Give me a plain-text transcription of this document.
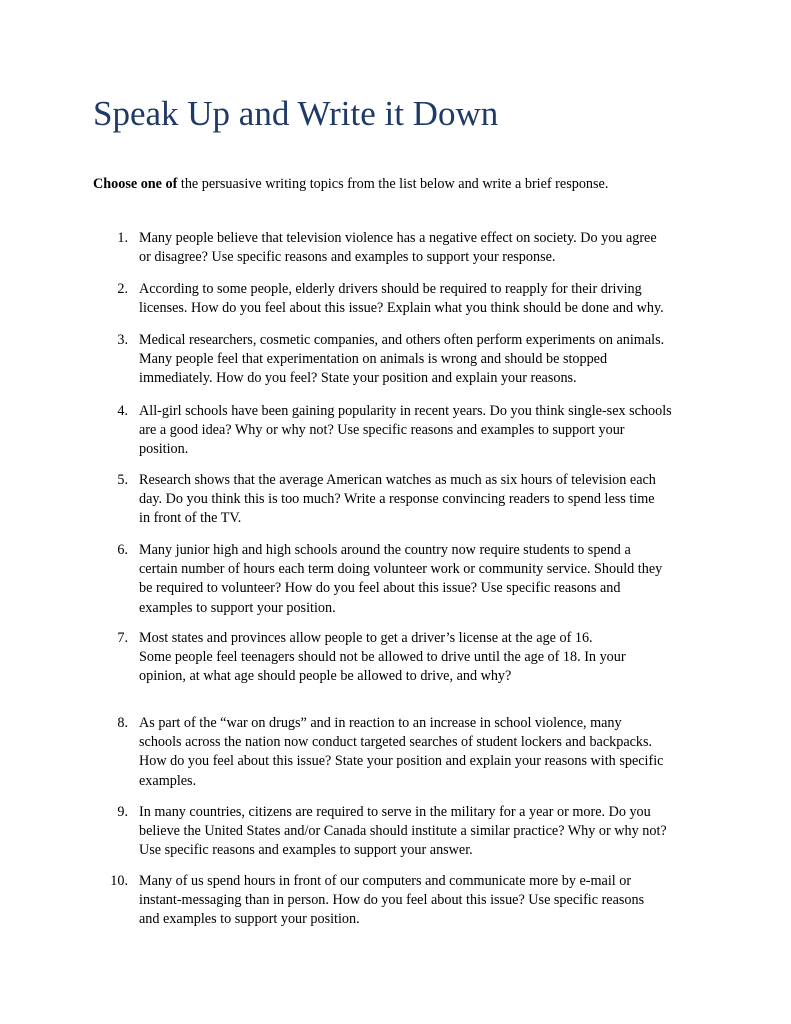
Speak Up and Write it Down

Choose one of the persuasive writing topics from the list below and write a brief response.

1. Many people believe that television violence has a negative effect on society. Do you agree
or disagree? Use specific reasons and examples to support your response.
2. According to some people, elderly drivers should be required to reapply for their driving
licenses. How do you feel about this issue? Explain what you think should be done and why.
3. Medical researchers, cosmetic companies, and others often perform experiments on animals.
Many people feel that experimentation on animals is wrong and should be stopped
immediately. How do you feel? State your position and explain your reasons.
4. All-girl schools have been gaining popularity in recent years. Do you think single-sex schools
are a good idea? Why or why not? Use specific reasons and examples to support your
position.
5. Research shows that the average American watches as much as six hours of television each
day. Do you think this is too much? Write a response convincing readers to spend less time
in front of the TV.
6. Many junior high and high schools around the country now require students to spend a
certain number of hours each term doing volunteer work or community service. Should they
be required to volunteer? How do you feel about this issue? Use specific reasons and
examples to support your position.
7. Most states and provinces allow people to get a driver’s license at the age of 16.
Some people feel teenagers should not be allowed to drive until the age of 18. In your
opinion, at what age should people be allowed to drive, and why?
8. As part of the “war on drugs” and in reaction to an increase in school violence, many
schools across the nation now conduct targeted searches of student lockers and backpacks.
How do you feel about this issue? State your position and explain your reasons with specific
examples.
9. In many countries, citizens are required to serve in the military for a year or more. Do you
believe the United States and/or Canada should institute a similar practice? Why or why not?
Use specific reasons and examples to support your answer.
10. Many of us spend hours in front of our computers and communicate more by e-mail or
instant-messaging than in person. How do you feel about this issue? Use specific reasons
and examples to support your position.
